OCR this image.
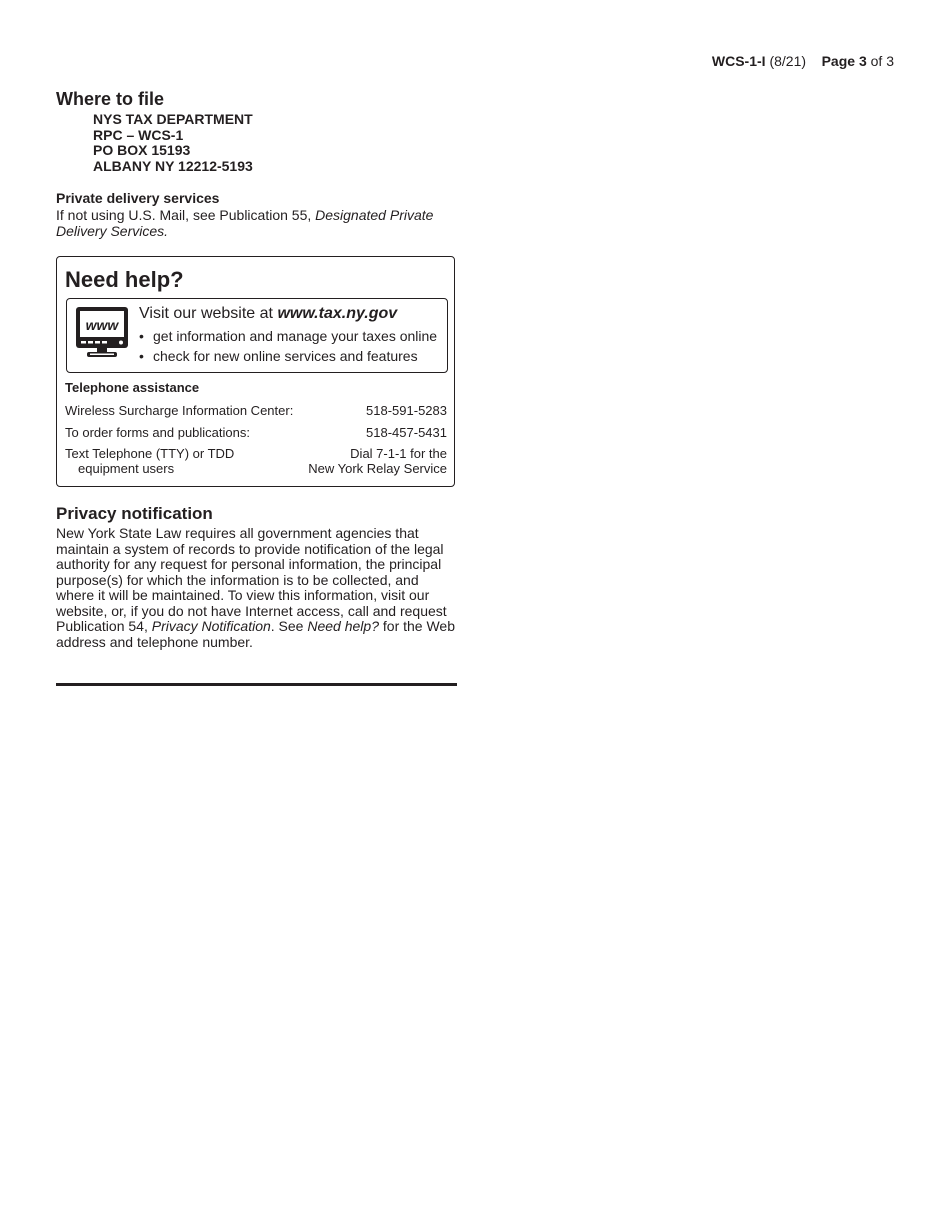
WCS-1-I (8/21) Page 3 of 3
Where to file
NYS TAX DEPARTMENT
RPC – WCS-1
PO BOX 15193
ALBANY NY 12212-5193
Private delivery services
If not using U.S. Mail, see Publication 55, Designated Private Delivery Services.
Need help?
www
Visit our website at www.tax.ny.gov
• get information and manage your taxes online
• check for new online services and features
Telephone assistance
Wireless Surcharge Information Center:	518-591-5283
To order forms and publications:	518-457-5431
Text Telephone (TTY) or TDD
equipment users
Dial 7-1-1 for the
New York Relay Service
Privacy notification
New York State Law requires all government agencies that maintain a system of records to provide notification of the legal authority for any request for personal information, the principal purpose(s) for which the information is to be collected, and where it will be maintained. To view this information, visit our website, or, if you do not have Internet access, call and request Publication 54, Privacy Notification. See Need help? for the Web address and telephone number.
